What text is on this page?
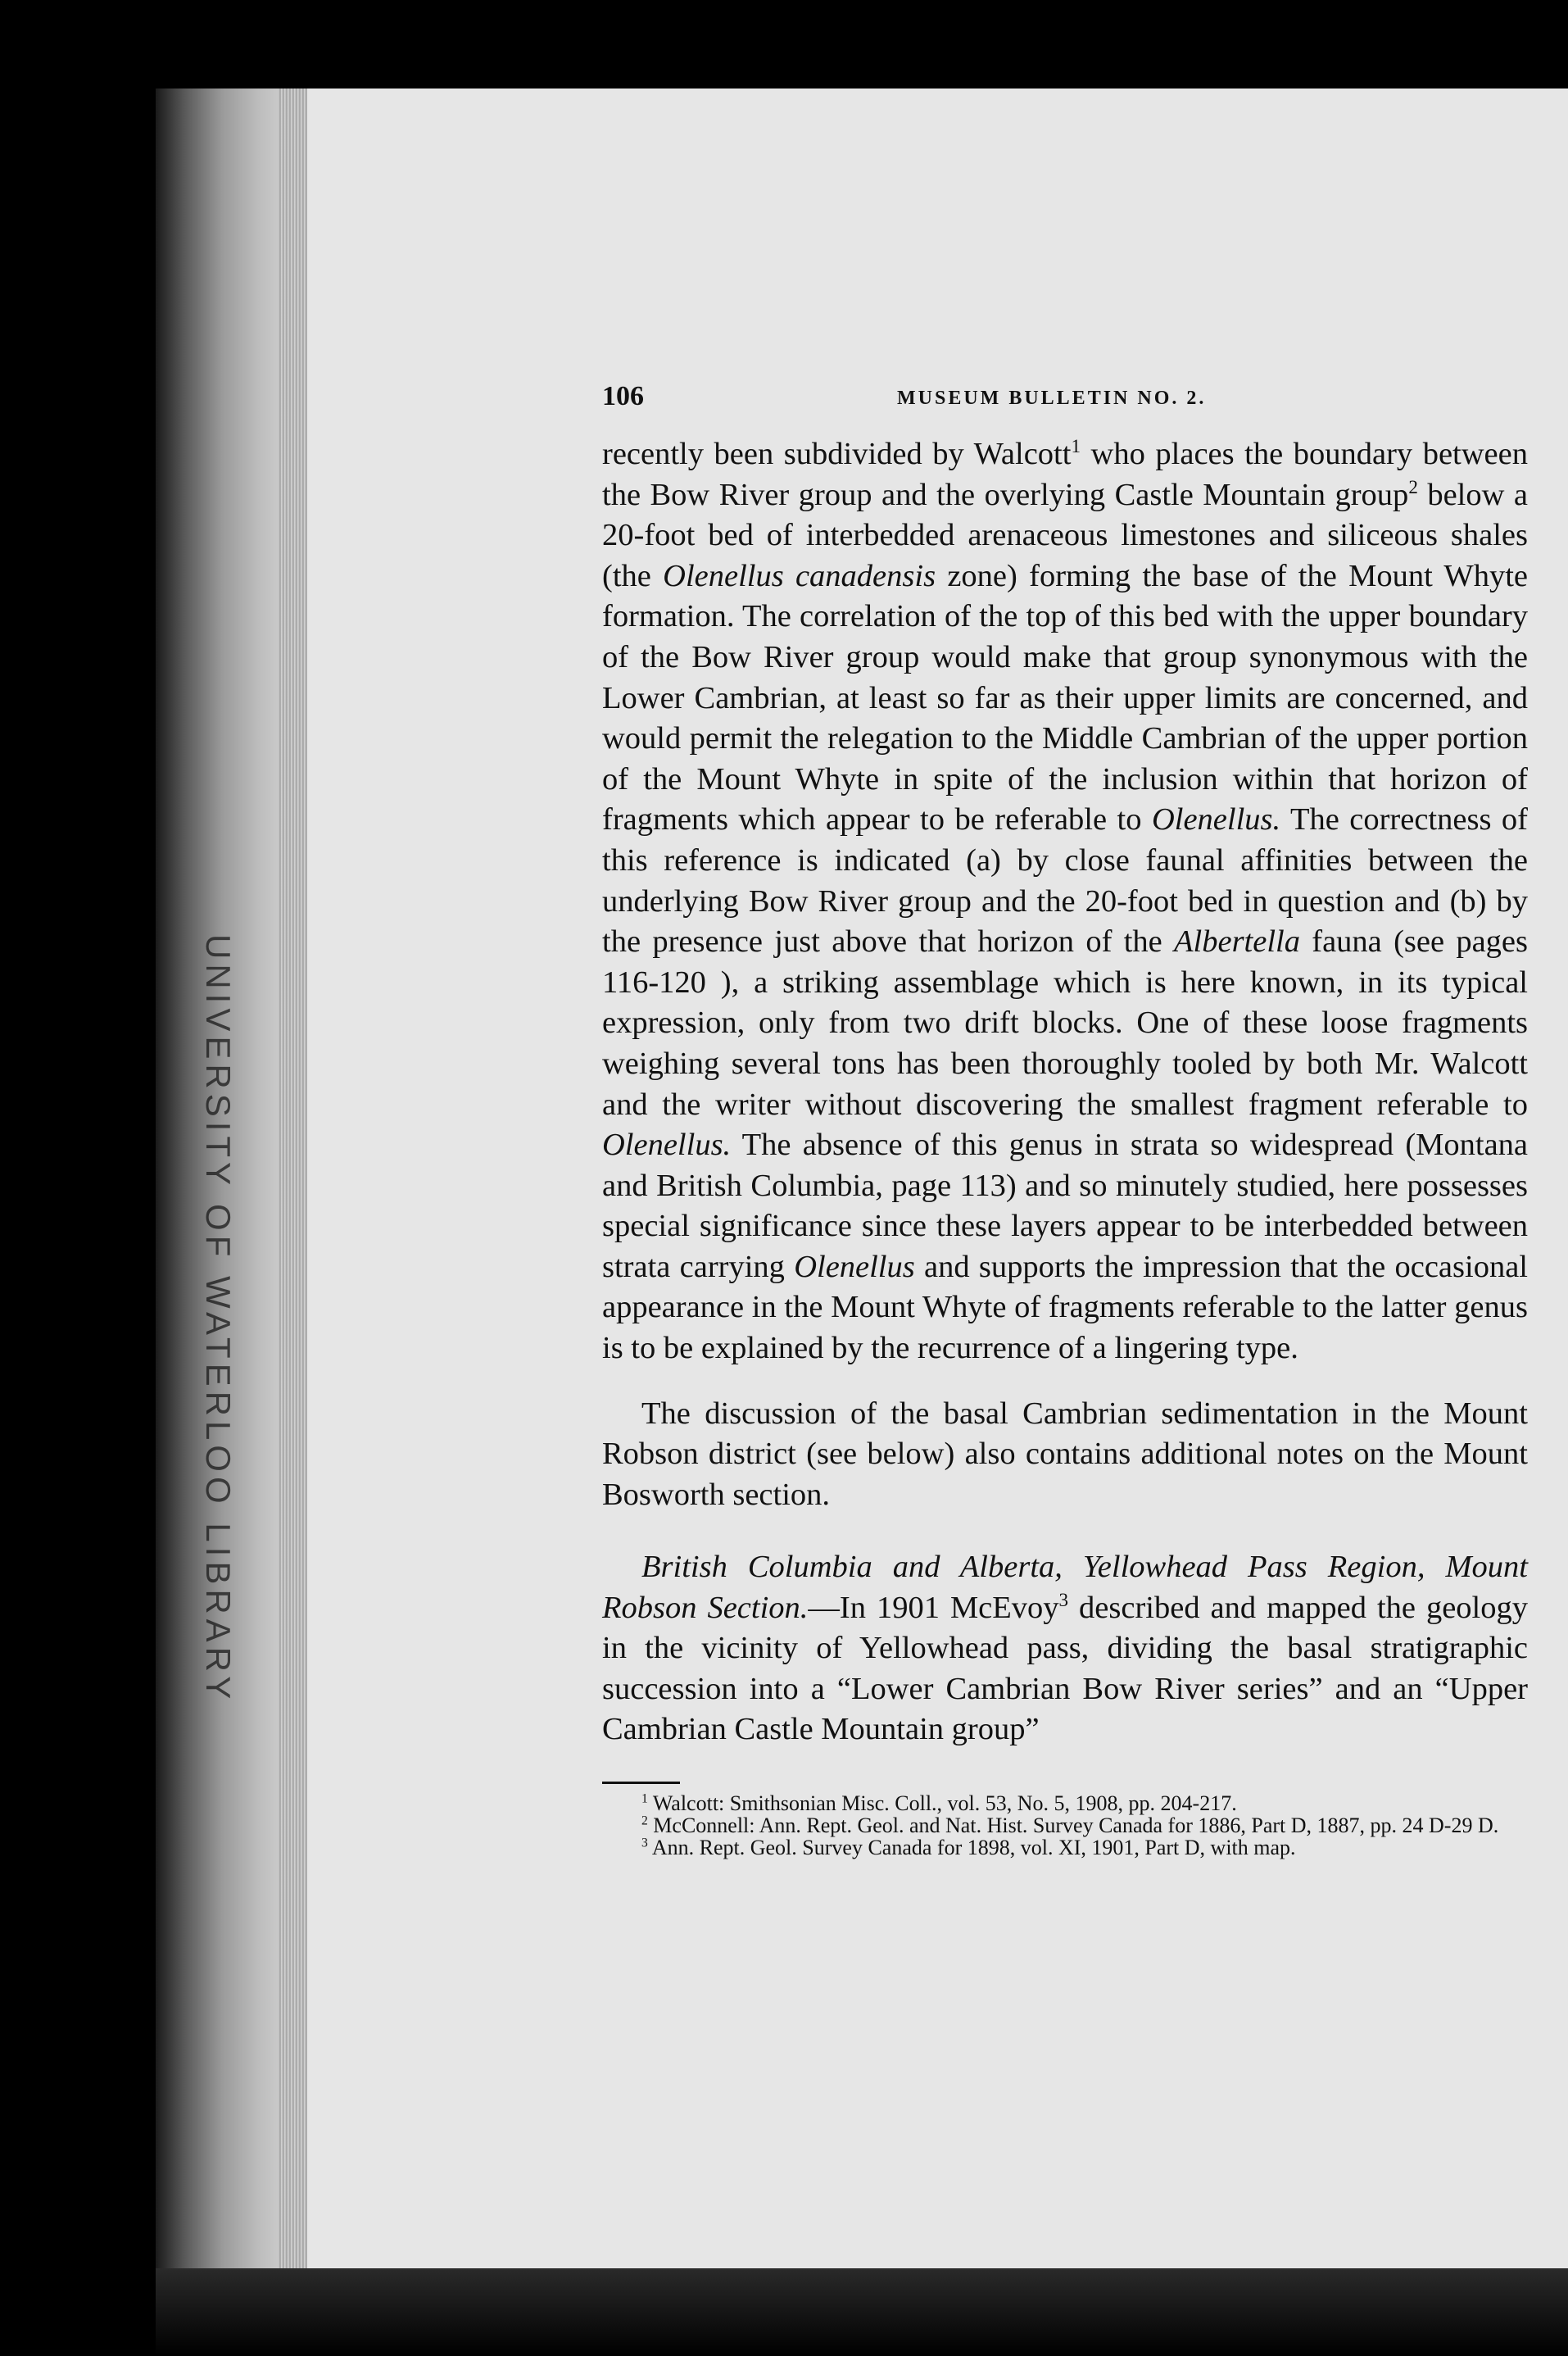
UNIVERSITY OF WATERLOO LIBRARY
106	MUSEUM BULLETIN NO. 2.

recently been subdivided by Walcott$^1$ who places the boundary between the Bow River group and the overlying Castle Mountain group$^2$ below a 20-foot bed of interbedded arenaceous limestones and siliceous shales (the Olenellus canadensis zone) forming the base of the Mount Whyte formation. The correlation of the top of this bed with the upper boundary of the Bow River group would make that group synonymous with the Lower Cambrian, at least so far as their upper limits are concerned, and would permit the relegation to the Middle Cambrian of the upper portion of the Mount Whyte in spite of the inclusion within that horizon of fragments which appear to be referable to Olenellus. The correctness of this reference is indicated (a) by close faunal affinities between the underlying Bow River group and the 20-foot bed in question and (b) by the presence just above that horizon of the Albertella fauna (see pages 116-120 ), a striking assemblage which is here known, in its typical expression, only from two drift blocks. One of these loose fragments weighing several tons has been thoroughly tooled by both Mr. Walcott and the writer without discovering the smallest fragment referable to Olenellus. The absence of this genus in strata so widespread (Montana and British Columbia, page 113) and so minutely studied, here possesses special significance since these layers appear to be interbedded between strata carrying Olenellus and supports the impression that the occasional appearance in the Mount Whyte of fragments referable to the latter genus is to be explained by the recurrence of a lingering type.

The discussion of the basal Cambrian sedimentation in the Mount Robson district (see below) also contains additional notes on the Mount Bosworth section.

British Columbia and Alberta, Yellowhead Pass Region, Mount Robson Section.—In 1901 McEvoy$^3$ described and mapped the geology in the vicinity of Yellowhead pass, dividing the basal stratigraphic succession into a “Lower Cambrian Bow River series” and an “Upper Cambrian Castle Mountain group”

$^1$ Walcott: Smithsonian Misc. Coll., vol. 53, No. 5, 1908, pp. 204-217.

$^2$ McConnell: Ann. Rept. Geol. and Nat. Hist. Survey Canada for 1886, Part D, 1887, pp. 24 D-29 D.

$^3$ Ann. Rept. Geol. Survey Canada for 1898, vol. XI, 1901, Part D, with map.
